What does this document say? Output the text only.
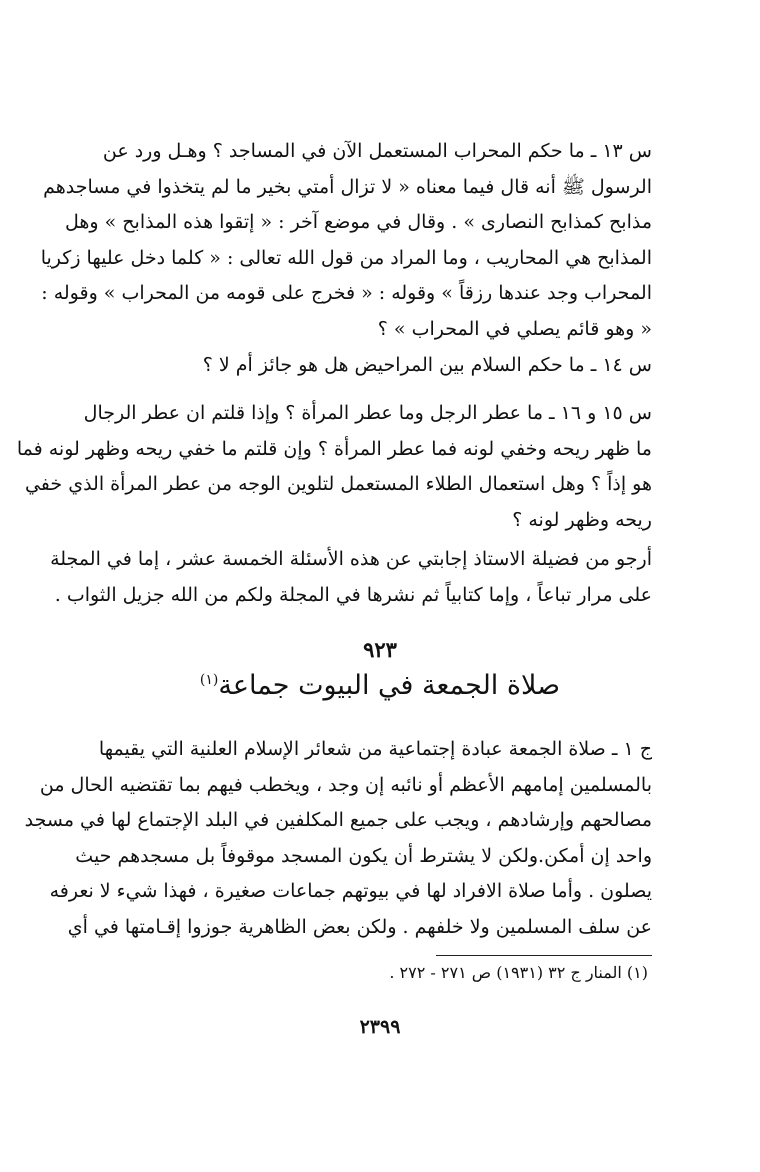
س ١٣ ـ ما حكم المحراب المستعمل الآن في المساجد ؟ وهـل ورد عن
الرسول ﷺ أنه قال فيما معناه « لا تزال أمتي بخير ما لم يتخذوا في مساجدهم
مذابح كمذابح النصارى » . وقال في موضع آخر : « إتقوا هذه المذابح » وهل
المذابح هي المحاريب ، وما المراد من قول الله تعالى : « كلما دخل عليها زكريا
المحراب وجد عندها رزقاً » وقوله : « فخرج على قومه من المحراب » وقوله :
« وهو قائم يصلي في المحراب » ؟
س ١٤ ـ ما حكم السلام بين المراحيض هل هو جائز أم لا ؟
س ١٥ و ١٦ ـ ما عطر الرجل وما عطر المرأة ؟ وإذا قلتم ان عطر الرجال
ما ظهر ريحه وخفي لونه فما عطر المرأة ؟ وإن قلتم ما خفي ريحه وظهر لونه فما
هو إذاً ؟ وهل استعمال الطلاء المستعمل لتلوين الوجه من عطر المرأة الذي خفي
ريحه وظهر لونه ؟
أرجو من فضيلة الاستاذ إجابتي عن هذه الأسئلة الخمسة عشر ، إما في المجلة
على مرار تباعاً ، وإما كتابياً ثم نشرها في المجلة ولكم من الله جزيل الثواب .
٩٢٣
صلاة الجمعة في البيوت جماعة$^{(١)}$
ج ١ ـ صلاة الجمعة عبادة إجتماعية من شعائر الإسلام العلنية التي يقيمها
بالمسلمين إمامهم الأعظم أو نائبه إن وجد ، ويخطب فيهم بما تقتضيه الحال من
مصالحهم وإرشادهم ، ويجب على جميع المكلفين في البلد الإجتماع لها في مسجد
واحد إن أمكن.ولكن لا يشترط أن يكون المسجد موقوفاً بل مسجدهم حيث
يصلون . وأما صلاة الافراد لها في بيوتهم جماعات صغيرة ، فهذا شيء لا نعرفه
عن سلف المسلمين ولا خلفهم . ولكن بعض الظاهرية جوزوا إقـامتها في أي
(١) المنار ج ٣٢ (١٩٣١) ص ٢٧١ - ٢٧٢ .
٢٣٩٩
